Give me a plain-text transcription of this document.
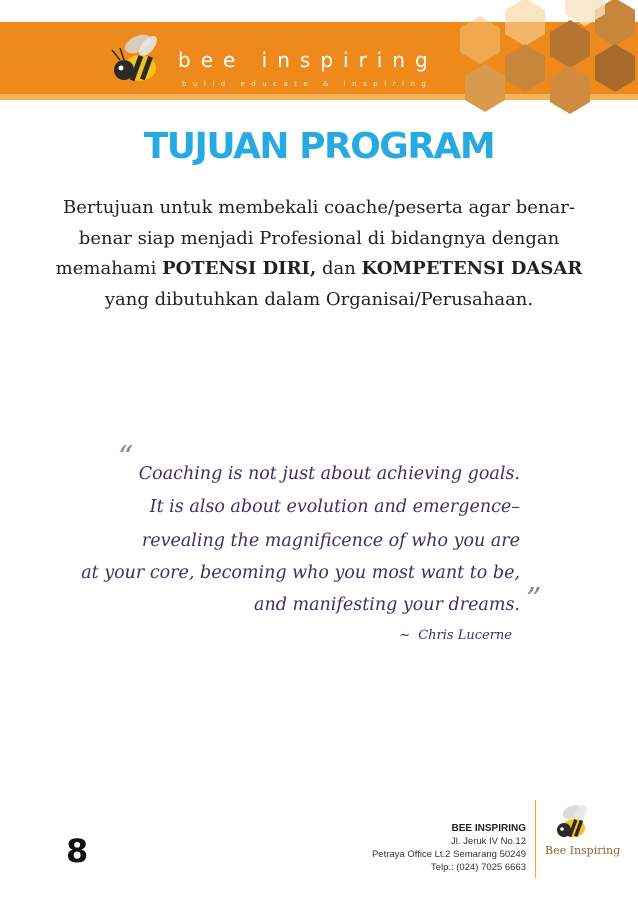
bee inspiring
build educate & inspiring
TUJUAN PROGRAM

Bertujuan untuk membekali coache/peserta agar benar-benar siap menjadi Profesional di bidangnya dengan memahami POTENSI DIRI, dan KOMPETENSI DASAR yang dibutuhkan dalam Organisai/Perusahaan.

“ Coaching is not just about achieving goals.
It is also about evolution and emergence–
revealing the magnificence of who you are
at your core, becoming who you most want to be,
and manifesting your dreams. ”
~ Chris Lucerne
8
BEE INSPIRING
Jl. Jeruk IV No.12
Petraya Office Lt.2 Semarang 50249
Telp.: (024) 7025 6663
Bee Inspiring
